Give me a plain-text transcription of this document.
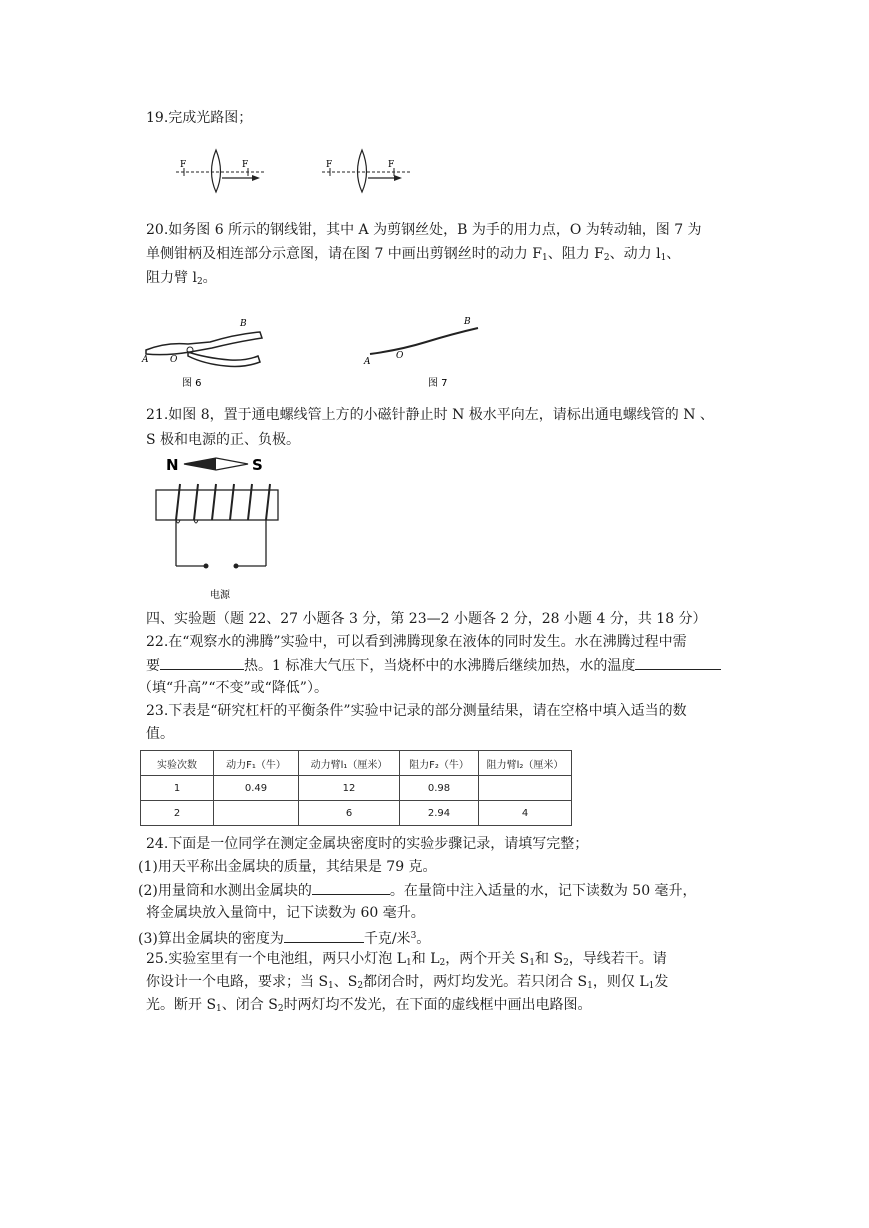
19.完成光路图；
F	F	F	F
20.如务图 6 所示的钢线钳，其中 A 为剪钢丝处，B 为手的用力点，O 为转动轴，图 7 为
单侧钳柄及相连部分示意图，请在图 7 中画出剪钢丝时的动力 $F_1$、阻力 $F_2$、动力 $l_1$、
阻力臂 $l_2$。
A O
B
图 6
A
O
B
图 7
21.如图 8，置于通电螺线管上方的小磁针静止时 N 极水平向左，请标出通电螺线管的 N 、
S 极和电源的正、负极。
N	S
电源
四、实验题（题 22、27 小题各 3 分，第 23—2 小题各 2 分，28 小题 4 分，共 18 分）
22.在“观察水的沸腾”实验中，可以看到沸腾现象在液体的同时发生。水在沸腾过程中需
要	热。1 标准大气压下，当烧杯中的水沸腾后继续加热，水的温度
（填“升高”“不变”或“降低”）。
23.下表是“研究杠杆的平衡条件”实验中记录的部分测量结果，请在空格中填入适当的数
值。
实验次数	动力F₁（牛）	动力臂l₁（厘米）	阻力F₂（牛）	阻力臂l₂（厘米）
1	0.49	12	0.98	
2		6	2.94	4
24.下面是一位同学在测定金属块密度时的实验步骤记录，请填写完整；
(1)用天平称出金属块的质量，其结果是 79 克。
(2)用量筒和水测出金属块的	。在量筒中注入适量的水，记下读数为 50 毫升，
将金属块放入量筒中，记下读数为 60 毫升。
(3)算出金属块的密度为	千克/米$^3$。
25.实验室里有一个电池组，两只小灯泡 $L_1$和 $L_2$，两个开关 $S_1$和 $S_2$，导线若干。请
你设计一个电路，要求；当 $S_1$、$S_2$都闭合时，两灯均发光。若只闭合 $S_1$，则仅 $L_1$发
光。断开 $S_1$、闭合 $S_2$时两灯均不发光，在下面的虚线框中画出电路图。
